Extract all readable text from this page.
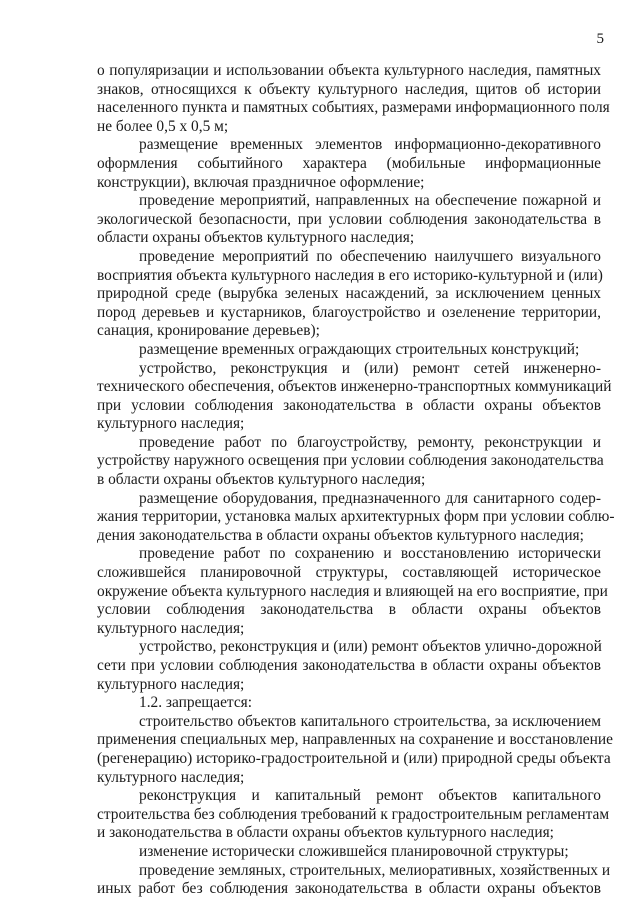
5
о популяризации и использовании объекта культурного наследия, памятных
знаков, относящихся к объекту культурного наследия, щитов об истории
населенного пункта и памятных событиях, размерами информационного поля
не более 0,5 х 0,5 м;
размещение временных элементов информационно-декоративного
оформления событийного характера (мобильные информационные
конструкции), включая праздничное оформление;
проведение мероприятий, направленных на обеспечение пожарной и
экологической безопасности, при условии соблюдения законодательства в
области охраны объектов культурного наследия;
проведение мероприятий по обеспечению наилучшего визуального
восприятия объекта культурного наследия в его историко-культурной и (или)
природной среде (вырубка зеленых насаждений, за исключением ценных
пород деревьев и кустарников, благоустройство и озеленение территории,
санация, кронирование деревьев);
размещение временных ограждающих строительных конструкций;
устройство, реконструкция и (или) ремонт сетей инженерно-
технического обеспечения, объектов инженерно-транспортных коммуникаций
при условии соблюдения законодательства в области охраны объектов
культурного наследия;
проведение работ по благоустройству, ремонту, реконструкции и
устройству наружного освещения при условии соблюдения законодательства
в области охраны объектов культурного наследия;
размещение оборудования, предназначенного для санитарного содер-
жания территории, установка малых архитектурных форм при условии соблю-
дения законодательства в области охраны объектов культурного наследия;
проведение работ по сохранению и восстановлению исторически
сложившейся планировочной структуры, составляющей историческое
окружение объекта культурного наследия и влияющей на его восприятие, при
условии соблюдения законодательства в области охраны объектов
культурного наследия;
устройство, реконструкция и (или) ремонт объектов улично-дорожной
сети при условии соблюдения законодательства в области охраны объектов
культурного наследия;
1.2. запрещается:
строительство объектов капитального строительства, за исключением
применения специальных мер, направленных на сохранение и восстановление
(регенерацию) историко-градостроительной и (или) природной среды объекта
культурного наследия;
реконструкция и капитальный ремонт объектов капитального
строительства без соблюдения требований к градостроительным регламентам
и законодательства в области охраны объектов культурного наследия;
изменение исторически сложившейся планировочной структуры;
проведение земляных, строительных, мелиоративных, хозяйственных и
иных работ без соблюдения законодательства в области охраны объектов
